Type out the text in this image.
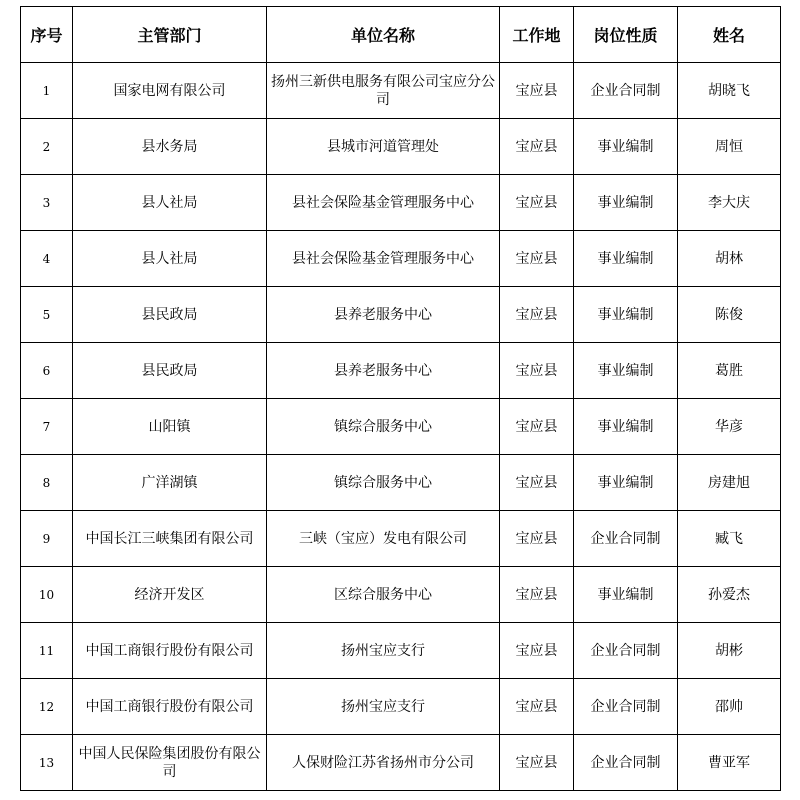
序号	主管部门	单位名称	工作地	岗位性质	姓名
1	国家电网有限公司	扬州三新供电服务有限公司宝应分公司	宝应县	企业合同制	胡晓飞
2	县水务局	县城市河道管理处	宝应县	事业编制	周恒
3	县人社局	县社会保险基金管理服务中心	宝应县	事业编制	李大庆
4	县人社局	县社会保险基金管理服务中心	宝应县	事业编制	胡林
5	县民政局	县养老服务中心	宝应县	事业编制	陈俊
6	县民政局	县养老服务中心	宝应县	事业编制	葛胜
7	山阳镇	镇综合服务中心	宝应县	事业编制	华彦
8	广洋湖镇	镇综合服务中心	宝应县	事业编制	房建旭
9	中国长江三峡集团有限公司	三峡（宝应）发电有限公司	宝应县	企业合同制	臧飞
10	经济开发区	区综合服务中心	宝应县	事业编制	孙爱杰
11	中国工商银行股份有限公司	扬州宝应支行	宝应县	企业合同制	胡彬
12	中国工商银行股份有限公司	扬州宝应支行	宝应县	企业合同制	邵帅
13	中国人民保险集团股份有限公司	人保财险江苏省扬州市分公司	宝应县	企业合同制	曹亚军
